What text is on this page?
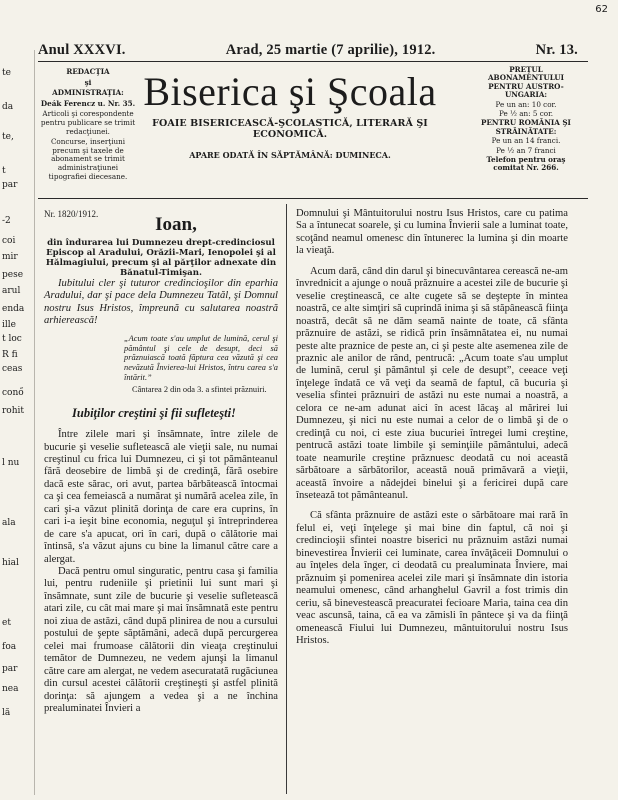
62
te
da
te,
t
par
-2
coi
mir
pese
arul
enda
ille
t loc
R fi
ceas
conő
rohit
l nu
ala
hial
et
foa
par
nea
lă
Anul XXXVI.	Arad, 25 martie (7 aprilie), 1912.	Nr. 13.

REDACŢIA

şi

ADMINISTRAŢIA:

Deák Ferencz u. Nr. 35.

Articoli şi corespondente pentru publicare se trimit redacţiunei.

Concurse, inserţiuni precum şi taxele de abonament se trimit administraţiunei tipografiei diecesane.

Biserica şi Şcoala
FOAIE BISERICEASCĂ-ŞCOLASTICĂ, LITERARĂ ŞI ECONOMICĂ.
APARE ODATĂ ÎN SĂPTĂMÂNĂ: DUMINECA.

PREŢUL ABONAMENTULUI PENTRU AUSTRO-UNGARIA:

Pe un an: 10 cor.

Pe ½ an: 5 cor.

PENTRU ROMÂNIA ŞI STRĂINĂTATE:

Pe un an 14 franci.

Pe ½ an 7 franci

Telefon pentru oraş comitat Nr. 266.

Nr. 1820/1912.	Ioan,
din îndurarea lui Dumnezeu drept-credinciosul Episcop al Aradului, Orăzii-Mari, Ienopolei şi al Hălmagiului, precum şi al părţilor adnexate din Bănatul-Timişan.

Iubitului cler şi tuturor credincioşilor din eparhia Aradului, dar şi pace dela Dumnezeu Tatăl, şi Domnul nostru Isus Hristos, împreună cu salutarea noastră arhierească!

„Acum toate s'au umplut de lumină, cerul şi pământul şi cele de desupt, deci să prăznuiască toată făptura cea văzută şi cea nevăzută Învierea-lui Hristos, întru carea s'a întărit.”
Cântarea 2 din oda 3. a sfintei prăznuiri.
Iubiţilor creştini şi fii sufleteşti!

Între zilele mari şi însămnate, între zilele de bucurie şi veselie sufletească ale vieţii sale, nu numai creştinul cu frica lui Dumnezeu, ci şi tot pământeanul fără deosebire de limbă şi de credinţă, fără osebire dacă este sărac, ori avut, partea bărbătească întocmai ca şi cea femeiască a numărat şi numără acelea zile, în cari şi-a văzut plinită dorinţa de care era cuprins, în cari i-a ieşit bine economia, neguţul şi întreprinderea de care s'a apucat, ori în cari, după o călătorie mai întinsă, s'a văzut ajuns cu bine la limanul către care a alergat.

Dacă pentru omul singuratic, pentru casa şi familia lui, pentru rudeniile şi prietinii lui sunt mari şi însămnate, sunt zile de bucurie şi veselie sufletească atari zile, cu cât mai mare şi mai însămnată este pentru noi ziua de astăzi, când după plinirea de nou a cursului postului de şepte săptămâni, adecă după percurgerea celei mai frumoase călătorii din vieaţa creştinului temător de Dumnezeu, ne vedem ajunşi la limanul către care am alergat, ne vedem asecuratată rugăciunea din cursul acestei călătorii creştineşti şi astfel plinită dorinţa: să ajungem a vedea şi a ne închina prealuminatei Învieri a

Domnului şi Mântuitorului nostru Isus Hristos, care cu patima Sa a întunecat soarele, şi cu lumina Învierii sale a luminat toate, scoţând neamul omenesc din întunerec la lumina şi din moarte la vieaţă.

Acum dară, când din darul şi binecuvântarea cerească ne-am învrednicit a ajunge o nouă prăznuire a acestei zile de bucurie şi veselie creştinească, ce alte cugete să se deştepte în mintea noastră, ce alte simţiri să cuprindă inima şi să stăpânească fiinţa noastră, decât să ne dăm seamă nainte de toate, că sfânta prăznuire de astăzi, se ridică prin însămnătatea ei, nu numai peste alte praznice de peste an, ci şi peste alte asemenea zile de praznic ale anilor de rând, pentrucă: „Acum toate s'au umplut de lumină, cerul şi pământul şi cele de desupt”, ceeace veţi înţelege îndată ce vă veţi da seamă de faptul, că bucuria şi veselia sfintei prăznuiri de astăzi nu este numai a noastră, a celora ce ne-am adunat aici în acest lăcaş al mărirei lui Dumnezeu, şi nici nu este numai a celor de o limbă şi de o credinţă cu noi, ci este ziua bucuriei întregei lumi creştine, pentrucă astăzi toate limbile şi seminţiile pământului, adecă toate neamurile creştine prăznuesc deodată cu noi această sărbătoare a sărbătorilor, această nouă primăvară a vieţii, această învoire a nădejdei binelui şi a fericirei după care însetează tot pământeanul.

Că sfânta prăznuire de astăzi este o sărbătoare mai rară în felul ei, veţi înţelege şi mai bine din faptul, că noi şi credincioşii sfintei noastre biserici nu prăznuim astăzi numai binevestirea Învierii cei luminate, carea învăţăceii Domnului o au înţeles dela înger, ci deodată cu prealuminata Înviere, mai prăznuim şi pomenirea acelei zile mari şi însămnate din istoria neamului omenesc, când arhanghelul Gavril a fost trimis din ceriu, să binevestească preacuratei fecioare Maria, taina cea din veac ascunsă, taina, că ea va zămisli în pântece şi va da fiinţă omenească Fiului lui Dumnezeu, mântuitorului nostru Isus Hristos.
